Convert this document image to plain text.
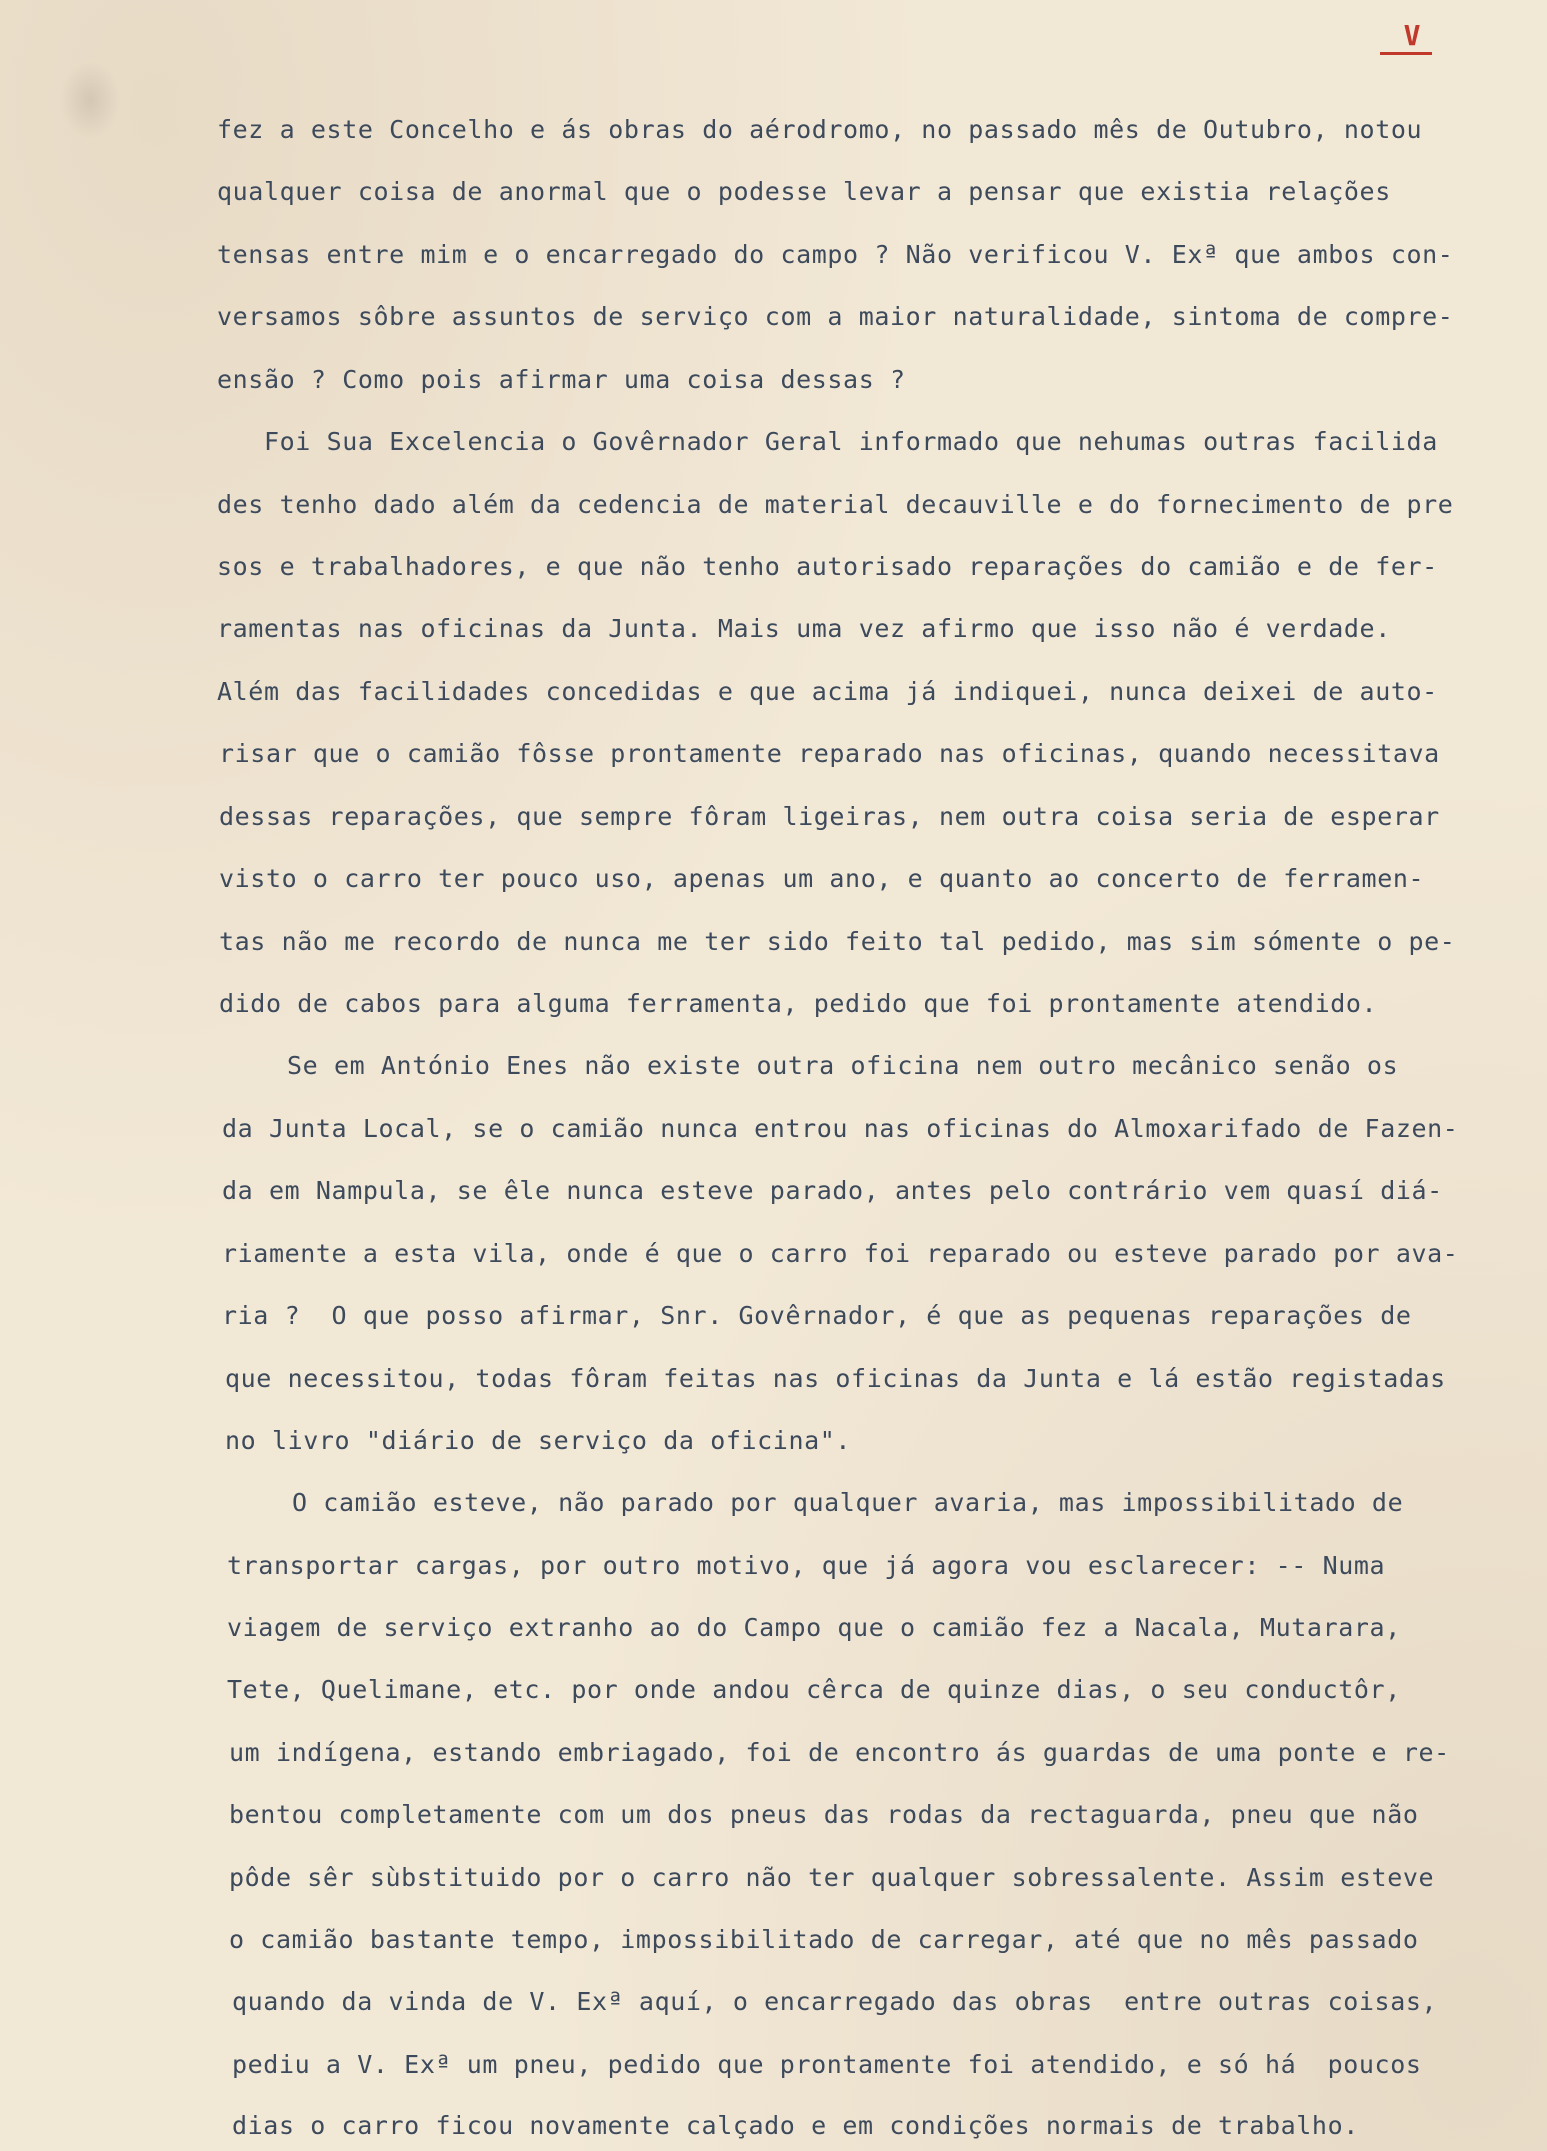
V
fez a este Concelho e ás obras do aérodromo, no passado mês de Outubro, notou
qualquer coisa de anormal que o podesse levar a pensar que existia relações
tensas entre mim e o encarregado do campo ? Não verificou V. Exª que ambos con-
versamos sôbre assuntos de serviço com a maior naturalidade, sintoma de compre-
ensão ? Como pois afirmar uma coisa dessas ?
Foi Sua Excelencia o Govêrnador Geral informado que nehumas outras facilida
des tenho dado além da cedencia de material decauville e do fornecimento de pre
sos e trabalhadores, e que não tenho autorisado reparações do camião e de fer-
ramentas nas oficinas da Junta. Mais uma vez afirmo que isso não é verdade.
Além das facilidades concedidas e que acima já indiquei, nunca deixei de auto-
risar que o camião fôsse prontamente reparado nas oficinas, quando necessitava
dessas reparações, que sempre fôram ligeiras, nem outra coisa seria de esperar
visto o carro ter pouco uso, apenas um ano, e quanto ao concerto de ferramen-
tas não me recordo de nunca me ter sido feito tal pedido, mas sim sómente o pe-
dido de cabos para alguma ferramenta, pedido que foi prontamente atendido.
Se em António Enes não existe outra oficina nem outro mecânico senão os
da Junta Local, se o camião nunca entrou nas oficinas do Almoxarifado de Fazen-
da em Nampula, se êle nunca esteve parado, antes pelo contrário vem quasí diá-
riamente a esta vila, onde é que o carro foi reparado ou esteve parado por ava-
ria ?  O que posso afirmar, Snr. Govêrnador, é que as pequenas reparações de
que necessitou, todas fôram feitas nas oficinas da Junta e lá estão registadas
no livro "diário de serviço da oficina".
O camião esteve, não parado por qualquer avaria, mas impossibilitado de
transportar cargas, por outro motivo, que já agora vou esclarecer: -- Numa
viagem de serviço extranho ao do Campo que o camião fez a Nacala, Mutarara,
Tete, Quelimane, etc. por onde andou cêrca de quinze dias, o seu conductôr,
um indígena, estando embriagado, foi de encontro ás guardas de uma ponte e re-
bentou completamente com um dos pneus das rodas da rectaguarda, pneu que não
pôde sêr sùbstituido por o carro não ter qualquer sobressalente. Assim esteve
o camião bastante tempo, impossibilitado de carregar, até que no mês passado
quando da vinda de V. Exª aquí, o encarregado das obras  entre outras coisas,
pediu a V. Exª um pneu, pedido que prontamente foi atendido, e só há  poucos
dias o carro ficou novamente calçado e em condições normais de trabalho.
